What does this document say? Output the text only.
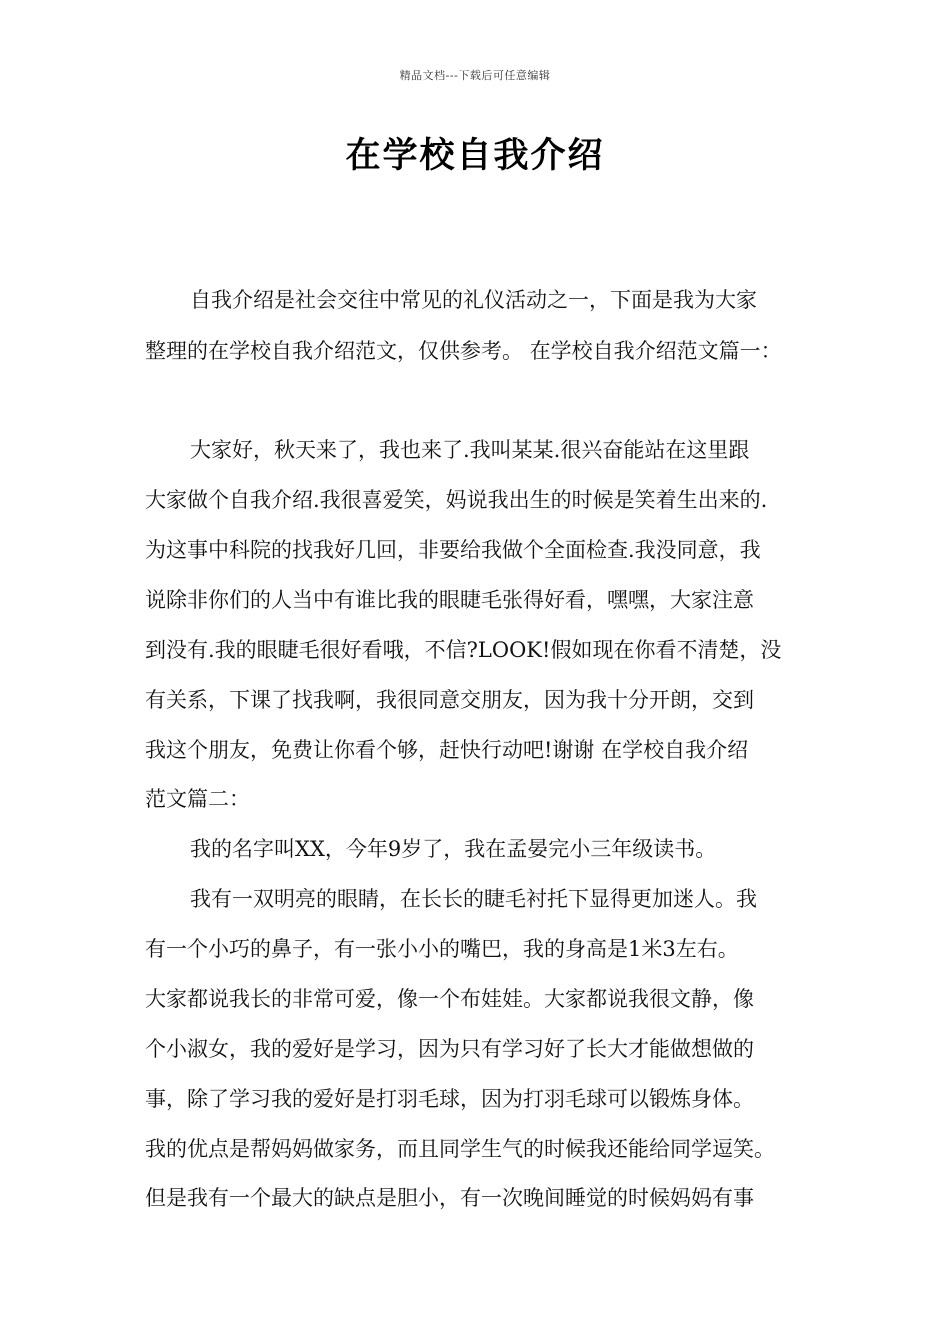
精品文档---下载后可任意编辑
在学校自我介绍
自我介绍是社会交往中常见的礼仪活动之一，下面是我为大家
整理的在学校自我介绍范文，仅供参考。 在学校自我介绍范文篇一：
大家好，秋天来了，我也来了.我叫某某.很兴奋能站在这里跟
大家做个自我介绍.我很喜爱笑，妈说我出生的时候是笑着生出来的.
为这事中科院的找我好几回，非要给我做个全面检查.我没同意，我
说除非你们的人当中有谁比我的眼睫毛张得好看，嘿嘿，大家注意
到没有.我的眼睫毛很好看哦，不信?LOOK!假如现在你看不清楚，没
有关系，下课了找我啊，我很同意交朋友，因为我十分开朗，交到
我这个朋友，免费让你看个够，赶快行动吧!谢谢 在学校自我介绍
范文篇二：
我的名字叫XX，今年9岁了，我在孟晏完小三年级读书。
我有一双明亮的眼睛，在长长的睫毛衬托下显得更加迷人。我
有一个小巧的鼻子，有一张小小的嘴巴，我的身高是1米3左右。
大家都说我长的非常可爱，像一个布娃娃。大家都说我很文静，像
个小淑女，我的爱好是学习，因为只有学习好了长大才能做想做的
事，除了学习我的爱好是打羽毛球，因为打羽毛球可以锻炼身体。
我的优点是帮妈妈做家务，而且同学生气的时候我还能给同学逗笑。
但是我有一个最大的缺点是胆小，有一次晚间睡觉的时候妈妈有事
